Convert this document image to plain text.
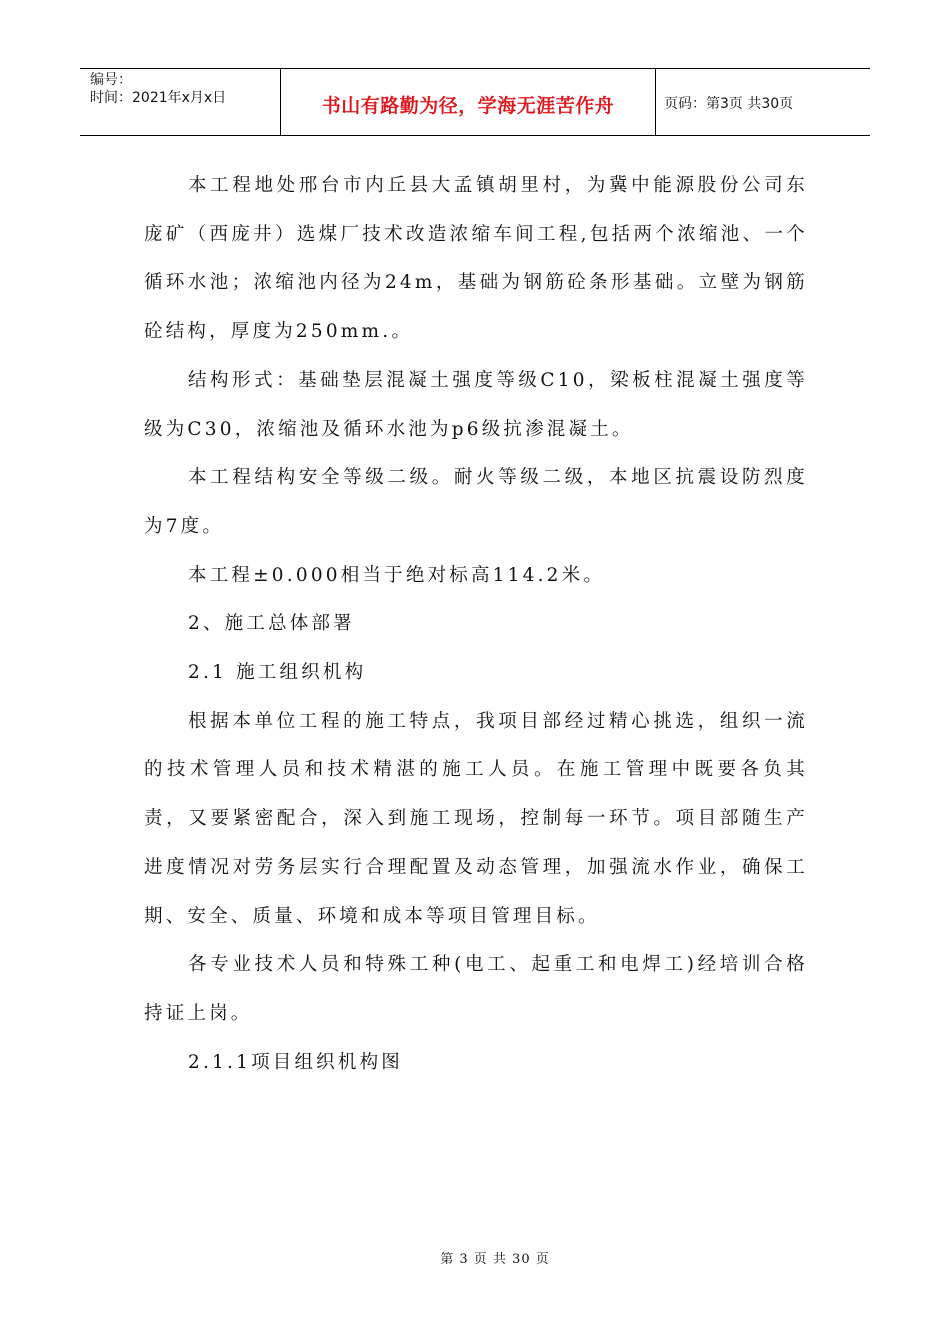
编号：
时间：2021年x月x日	书山有路勤为径，学海无涯苦作舟	页码：第3页 共30页

本工程地处邢台市内丘县大孟镇胡里村，为冀中能源股份公司东庞矿（西庞井）选煤厂技术改造浓缩车间工程,包括两个浓缩池、一个循环水池；浓缩池内径为24m，基础为钢筋砼条形基础。立壁为钢筋砼结构，厚度为250mm.。

结构形式：基础垫层混凝土强度等级C10，梁板柱混凝土强度等级为C30，浓缩池及循环水池为p6级抗渗混凝土。

本工程结构安全等级二级。耐火等级二级，本地区抗震设防烈度为7度。

本工程±0.000相当于绝对标高114.2米。

2、施工总体部署

2.1 施工组织机构

根据本单位工程的施工特点，我项目部经过精心挑选，组织一流的技术管理人员和技术精湛的施工人员。在施工管理中既要各负其责，又要紧密配合，深入到施工现场，控制每一环节。项目部随生产进度情况对劳务层实行合理配置及动态管理，加强流水作业，确保工期、安全、质量、环境和成本等项目管理目标。

各专业技术人员和特殊工种(电工、起重工和电焊工)经培训合格持证上岗。

2.1.1项目组织机构图

第 3 页 共 30 页
